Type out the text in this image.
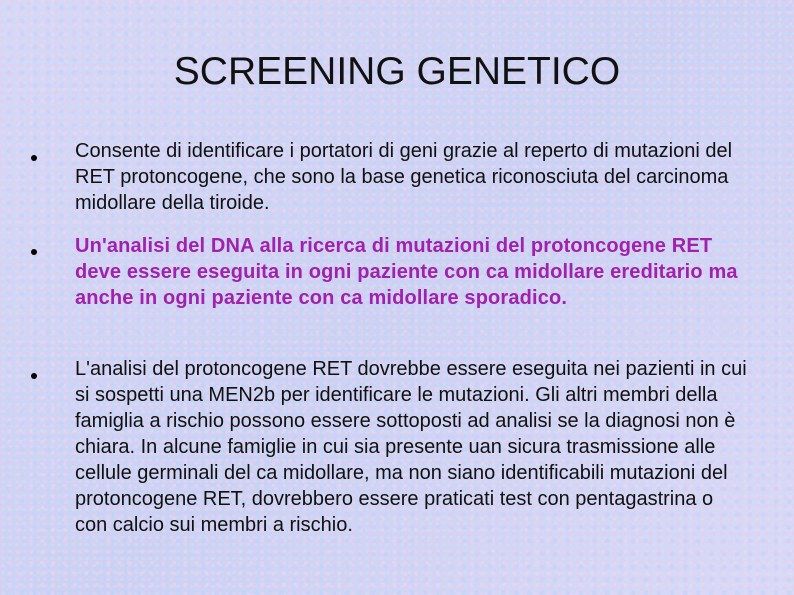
SCREENING GENETICO
Consente di identificare i portatori di geni grazie al reperto di mutazioni del RET protoncogene, che sono la base genetica riconosciuta del carcinoma midollare della tiroide.
Un'analisi del DNA alla ricerca di mutazioni del protoncogene RET deve essere eseguita in ogni paziente con ca midollare ereditario ma anche in ogni paziente con ca midollare sporadico.
L'analisi del protoncogene RET dovrebbe essere eseguita nei pazienti in cui si sospetti una MEN2b per identificare le mutazioni. Gli altri membri della famiglia a rischio possono essere sottoposti ad analisi se la diagnosi non è chiara. In alcune famiglie in cui sia presente uan sicura trasmissione alle cellule germinali del ca midollare, ma non siano identificabili mutazioni del protoncogene RET, dovrebbero essere praticati test con pentagastrina o con calcio sui membri a rischio.
